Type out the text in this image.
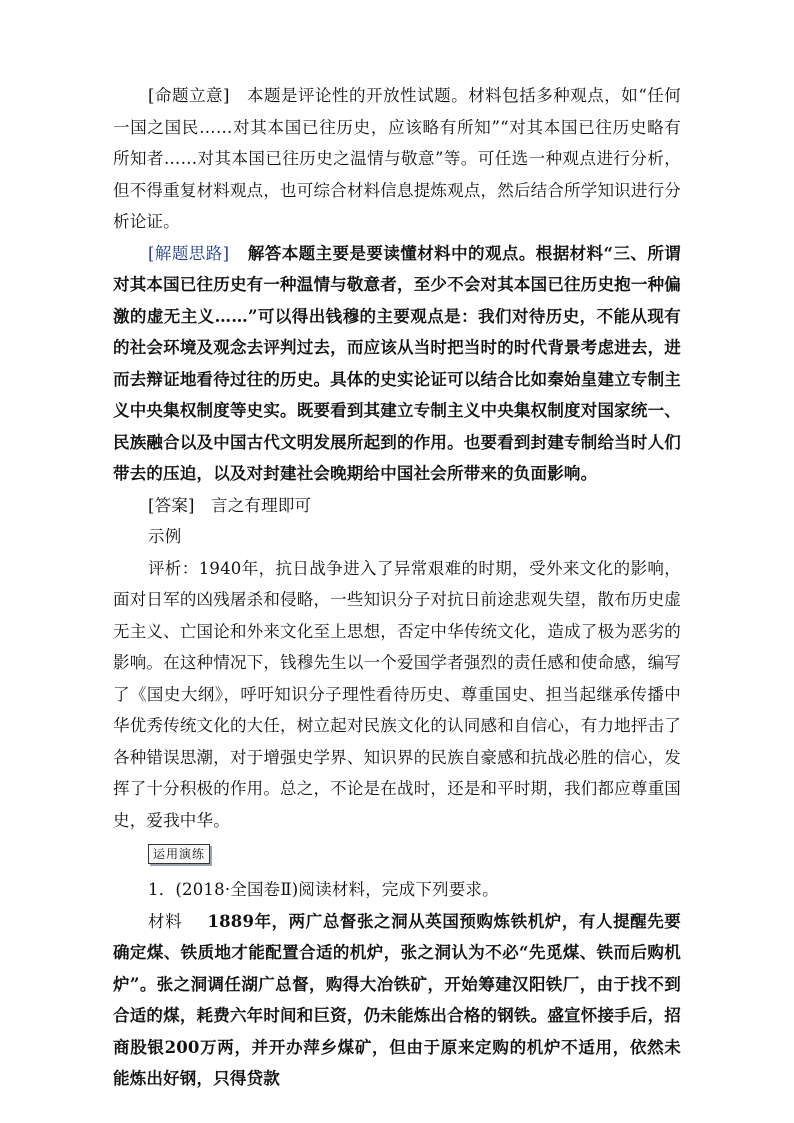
[命题立意] 本题是评论性的开放性试题。材料包括多种观点，如“任何一国之国民……对其本国已往历史，应该略有所知”“对其本国已往历史略有所知者……对其本国已往历史之温情与敬意”等。可任选一种观点进行分析，但不得重复材料观点，也可综合材料信息提炼观点，然后结合所学知识进行分析论证。

[解题思路] 解答本题主要是要读懂材料中的观点。根据材料“三、所谓对其本国已往历史有一种温情与敬意者，至少不会对其本国已往历史抱一种偏激的虚无主义……”可以得出钱穆的主要观点是：我们对待历史，不能从现有的社会环境及观念去评判过去，而应该从当时把当时的时代背景考虑进去，进而去辩证地看待过往的历史。具体的史实论证可以结合比如秦始皇建立专制主义中央集权制度等史实。既要看到其建立专制主义中央集权制度对国家统一、民族融合以及中国古代文明发展所起到的作用。也要看到封建专制给当时人们带去的压迫，以及对封建社会晚期给中国社会所带来的负面影响。

[答案] 言之有理即可

示例

评析：1940年，抗日战争进入了异常艰难的时期，受外来文化的影响，面对日军的凶残屠杀和侵略，一些知识分子对抗日前途悲观失望，散布历史虚无主义、亡国论和外来文化至上思想，否定中华传统文化，造成了极为恶劣的影响。在这种情况下，钱穆先生以一个爱国学者强烈的责任感和使命感，编写了《国史大纲》，呼吁知识分子理性看待历史、尊重国史、担当起继承传播中华优秀传统文化的大任，树立起对民族文化的认同感和自信心，有力地抨击了各种错误思潮，对于增强史学界、知识界的民族自豪感和抗战必胜的信心，发挥了十分积极的作用。总之，不论是在战时，还是和平时期，我们都应尊重国史，爱我中华。

运用演练

1．(2018·全国卷Ⅱ)阅读材料，完成下列要求。

材料 1889年，两广总督张之洞从英国预购炼铁机炉，有人提醒先要确定煤、铁质地才能配置合适的机炉，张之洞认为不必“先觅煤、铁而后购机炉”。张之洞调任湖广总督，购得大冶铁矿，开始筹建汉阳铁厂，由于找不到合适的煤，耗费六年时间和巨资，仍未能炼出合格的钢铁。盛宣怀接手后，招商股银200万两，并开办萍乡煤矿，但由于原来定购的机炉不适用，依然未能炼出好钢，只得贷款
